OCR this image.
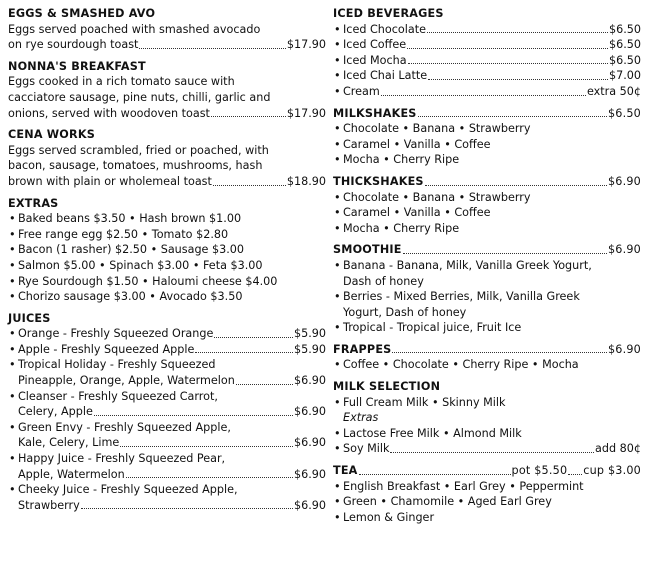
EGGS & SMASHED AVO
Eggs served poached with smashed avocado
on rye sourdough toast	$17.90
NONNA'S BREAKFAST
Eggs cooked in a rich tomato sauce with
cacciatore sausage, pine nuts, chilli, garlic and
onions, served with woodoven toast	$17.90
CENA WORKS
Eggs served scrambled, fried or poached, with
bacon, sausage, tomatoes, mushrooms, hash
brown with plain or wholemeal toast	$18.90
EXTRAS
• Baked beans $3.50 • Hash brown $1.00
• Free range egg $2.50 • Tomato $2.80
• Bacon (1 rasher) $2.50 • Sausage $3.00
• Salmon $5.00 • Spinach $3.00 • Feta $3.00
• Rye Sourdough $1.50 • Haloumi cheese $4.00
• Chorizo sausage $3.00 • Avocado $3.50
JUICES
• Orange - Freshly Squeezed Orange	$5.90
• Apple - Freshly Squeezed Apple	$5.90
• Tropical Holiday - Freshly Squeezed
Pineapple, Orange, Apple, Watermelon	$6.90
• Cleanser - Freshly Squeezed Carrot,
Celery, Apple	$6.90
• Green Envy - Freshly Squeezed Apple,
Kale, Celery, Lime	$6.90
• Happy Juice - Freshly Squeezed Pear,
Apple, Watermelon	$6.90
• Cheeky Juice - Freshly Squeezed Apple,
Strawberry	$6.90
ICED BEVERAGES
• Iced Chocolate	$6.50
• Iced Coffee	$6.50
• Iced Mocha	$6.50
• Iced Chai Latte	$7.00
• Cream	extra 50¢
MILKSHAKES	$6.50
• Chocolate • Banana • Strawberry
• Caramel • Vanilla • Coffee
• Mocha • Cherry Ripe
THICKSHAKES	$6.90
• Chocolate • Banana • Strawberry
• Caramel • Vanilla • Coffee
• Mocha • Cherry Ripe
SMOOTHIE	$6.90
• Banana - Banana, Milk, Vanilla Greek Yogurt,
Dash of honey
• Berries - Mixed Berries, Milk, Vanilla Greek
Yogurt, Dash of honey
• Tropical - Tropical juice, Fruit Ice
FRAPPES	$6.90
• Coffee • Chocolate • Cherry Ripe • Mocha
MILK SELECTION
• Full Cream Milk • Skinny Milk
Extras
• Lactose Free Milk • Almond Milk
• Soy Milk	add 80¢
TEA	pot $5.50 cup $3.00
• English Breakfast • Earl Grey • Peppermint
• Green • Chamomile • Aged Earl Grey
• Lemon & Ginger
